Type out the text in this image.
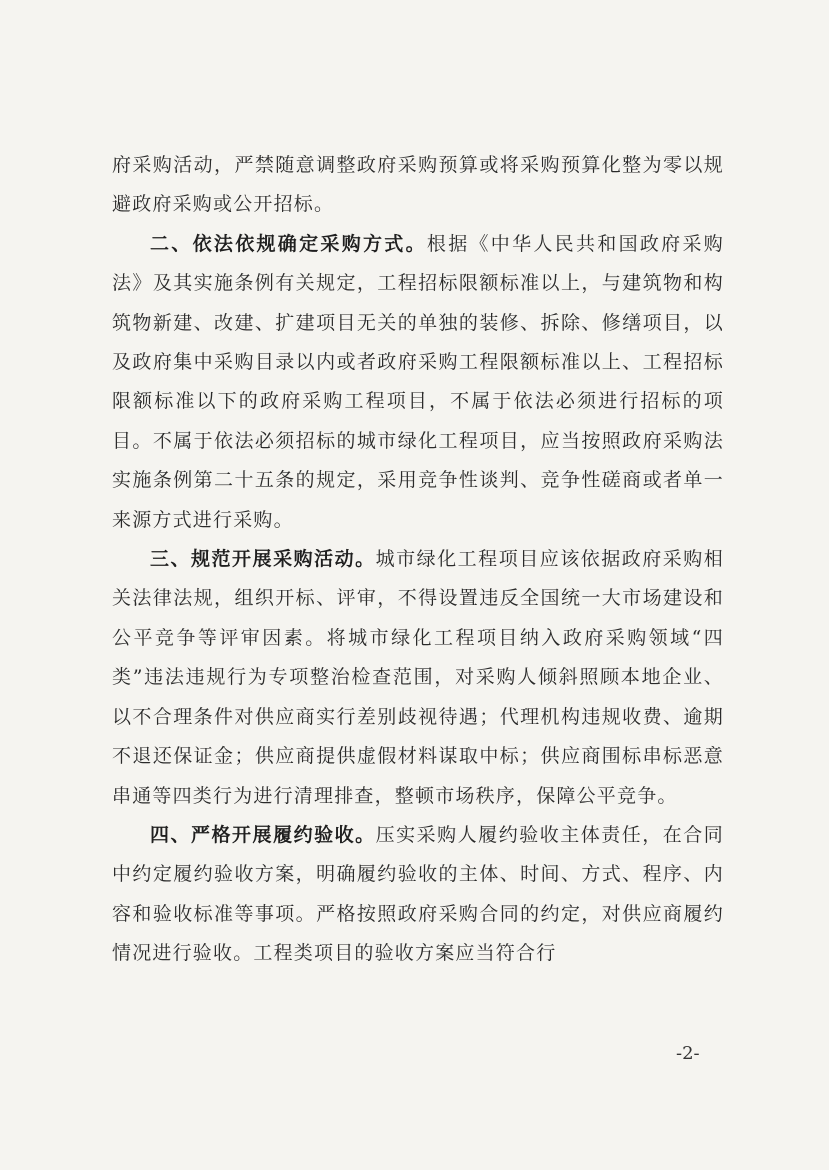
府采购活动，严禁随意调整政府采购预算或将采购预算化整为零以规避政府采购或公开招标。

二、依法依规确定采购方式。根据《中华人民共和国政府采购法》及其实施条例有关规定，工程招标限额标准以上，与建筑物和构筑物新建、改建、扩建项目无关的单独的装修、拆除、修缮项目，以及政府集中采购目录以内或者政府采购工程限额标准以上、工程招标限额标准以下的政府采购工程项目，不属于依法必须进行招标的项目。不属于依法必须招标的城市绿化工程项目，应当按照政府采购法实施条例第二十五条的规定，采用竞争性谈判、竞争性磋商或者单一来源方式进行采购。

三、规范开展采购活动。城市绿化工程项目应该依据政府采购相关法律法规，组织开标、评审，不得设置违反全国统一大市场建设和公平竞争等评审因素。将城市绿化工程项目纳入政府采购领域“四类”违法违规行为专项整治检查范围，对采购人倾斜照顾本地企业、以不合理条件对供应商实行差别歧视待遇；代理机构违规收费、逾期不退还保证金；供应商提供虚假材料谋取中标；供应商围标串标恶意串通等四类行为进行清理排查，整顿市场秩序，保障公平竞争。

四、严格开展履约验收。压实采购人履约验收主体责任，在合同中约定履约验收方案，明确履约验收的主体、时间、方式、程序、内容和验收标准等事项。严格按照政府采购合同的约定，对供应商履约情况进行验收。工程类项目的验收方案应当符合行

-2-
